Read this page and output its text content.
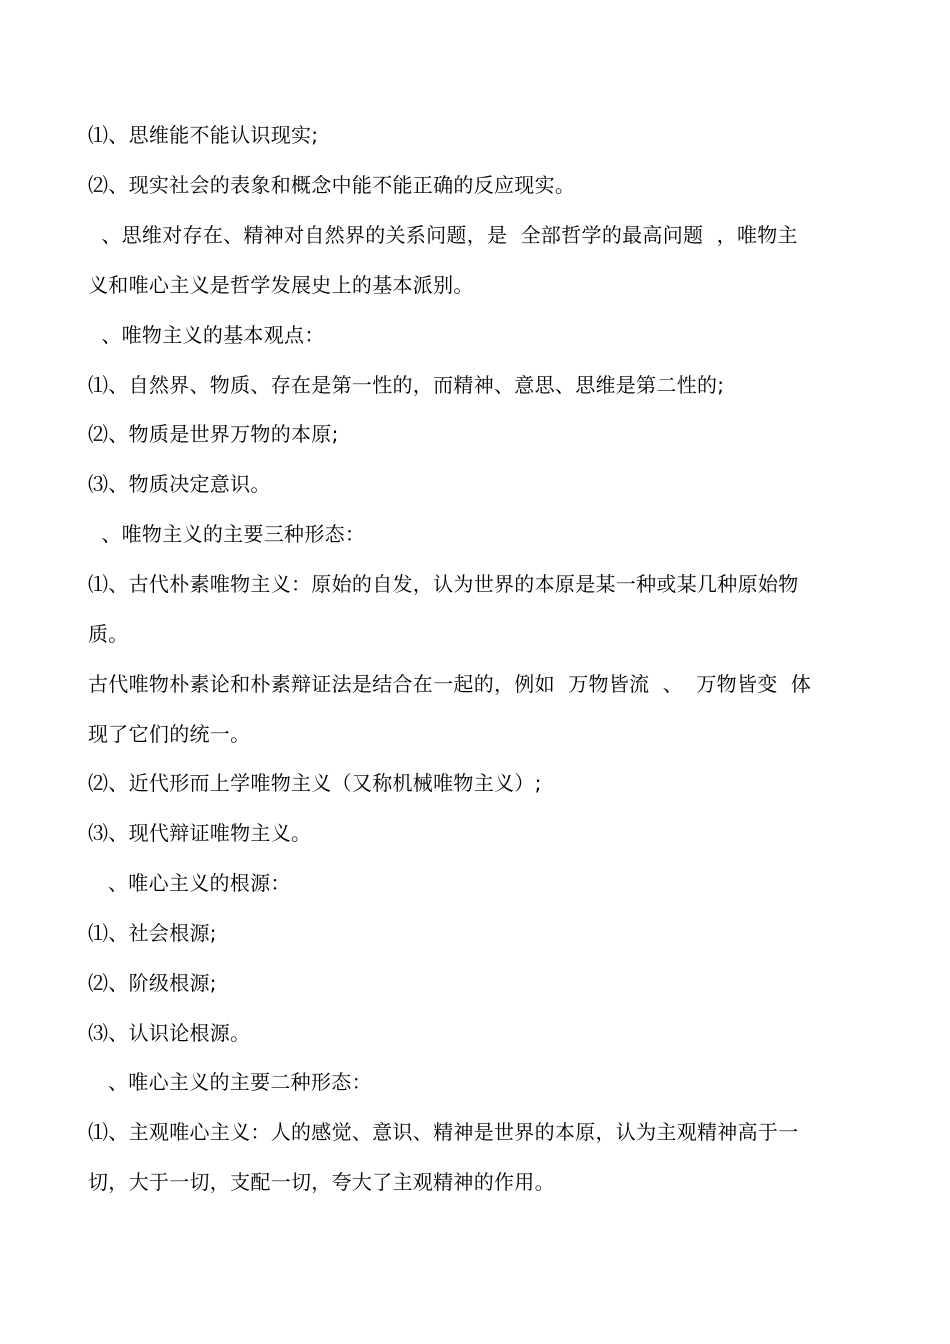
⑴、思维能不能认识现实;
⑵、现实社会的表象和概念中能不能正确的反应现实。
、思维对存在、精神对自然界的关系问题，是  全部哲学的最高问题  ，唯物主
义和唯心主义是哲学发展史上的基本派别。
、唯物主义的基本观点：
⑴、自然界、物质、存在是第一性的，而精神、意思、思维是第二性的;
⑵、物质是世界万物的本原;
⑶、物质决定意识。
、唯物主义的主要三种形态：
⑴、古代朴素唯物主义：原始的自发，认为世界的本原是某一种或某几种原始物
质。
古代唯物朴素论和朴素辩证法是结合在一起的，例如  万物皆流  、  万物皆变  体
现了它们的统一。
⑵、近代形而上学唯物主义（又称机械唯物主义）;
⑶、现代辩证唯物主义。
、唯心主义的根源：
⑴、社会根源;
⑵、阶级根源;
⑶、认识论根源。
、唯心主义的主要二种形态：
⑴、主观唯心主义：人的感觉、意识、精神是世界的本原，认为主观精神高于一
切，大于一切，支配一切，夸大了主观精神的作用。
